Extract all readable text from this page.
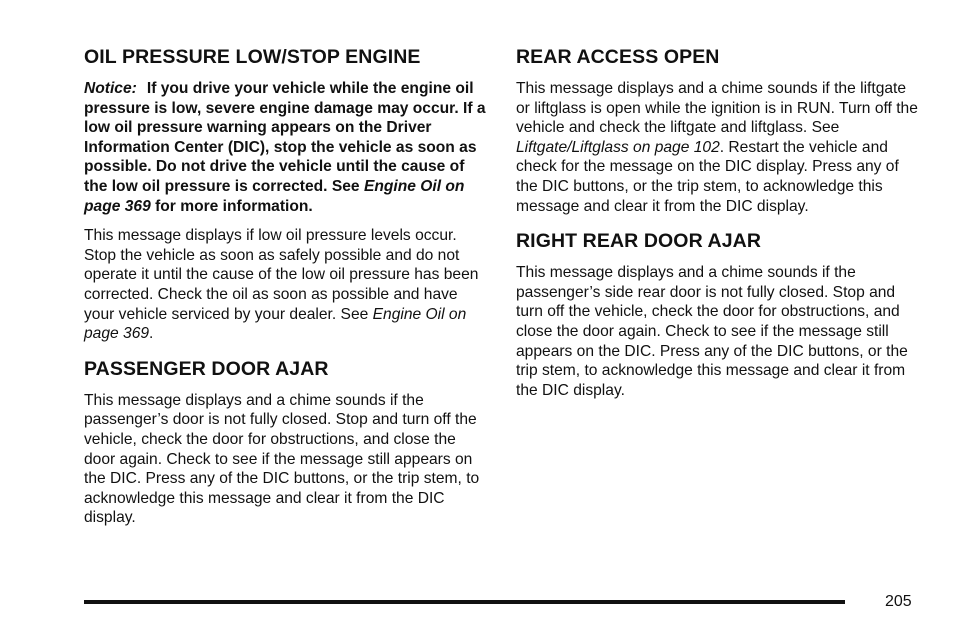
OIL PRESSURE LOW/STOP ENGINE

Notice: If you drive your vehicle while the engine oil pressure is low, severe engine damage may occur. If a low oil pressure warning appears on the Driver Information Center (DIC), stop the vehicle as soon as possible. Do not drive the vehicle until the cause of the low oil pressure is corrected. See Engine Oil on page 369 for more information.

This message displays if low oil pressure levels occur. Stop the vehicle as soon as safely possible and do not operate it until the cause of the low oil pressure has been corrected. Check the oil as soon as possible and have your vehicle serviced by your dealer. See Engine Oil on page 369.

PASSENGER DOOR AJAR

This message displays and a chime sounds if the passenger’s door is not fully closed. Stop and turn off the vehicle, check the door for obstructions, and close the door again. Check to see if the message still appears on the DIC. Press any of the DIC buttons, or the trip stem, to acknowledge this message and clear it from the DIC display.

REAR ACCESS OPEN

This message displays and a chime sounds if the liftgate or liftglass is open while the ignition is in RUN. Turn off the vehicle and check the liftgate and liftglass. See Liftgate/Liftglass on page 102. Restart the vehicle and check for the message on the DIC display. Press any of the DIC buttons, or the trip stem, to acknowledge this message and clear it from the DIC display.

RIGHT REAR DOOR AJAR

This message displays and a chime sounds if the passenger’s side rear door is not fully closed. Stop and turn off the vehicle, check the door for obstructions, and close the door again. Check to see if the message still appears on the DIC. Press any of the DIC buttons, or the trip stem, to acknowledge this message and clear it from the DIC display.

205
